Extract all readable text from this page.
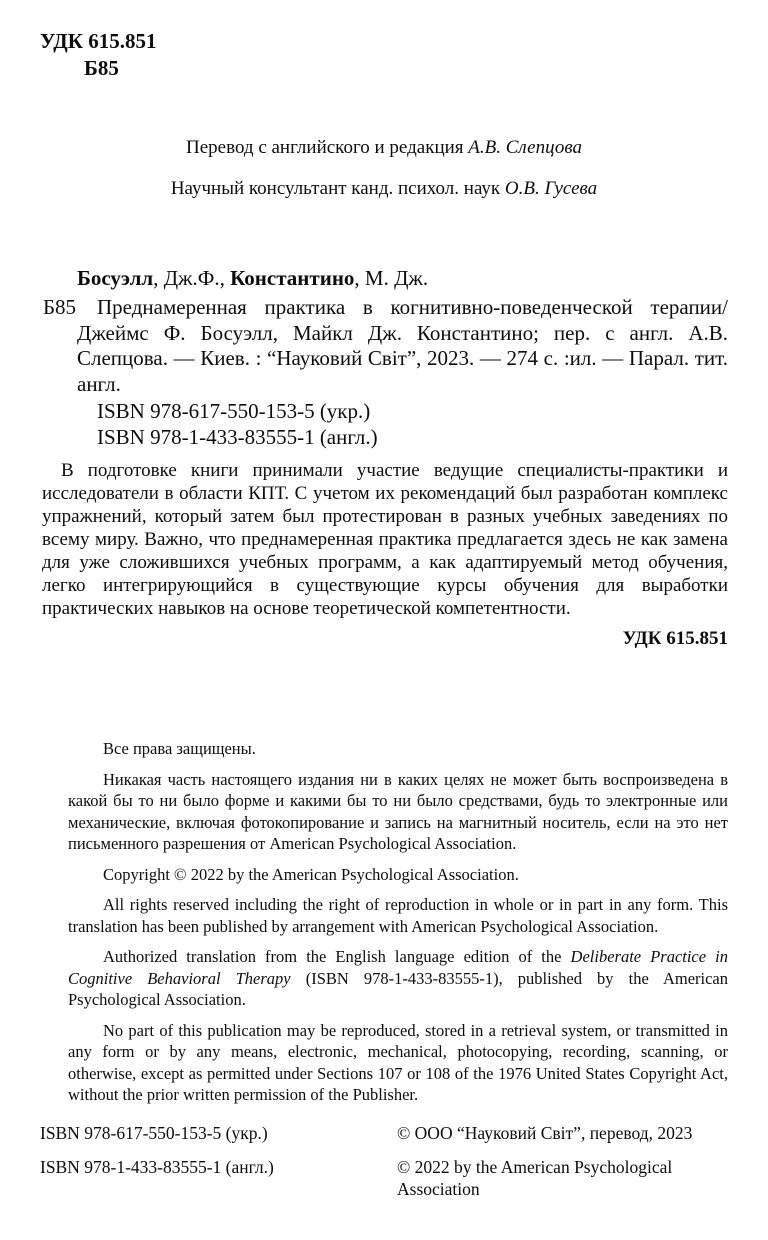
УДК 615.851
Б85

Перевод с английского и редакция А.В. Слепцова

Научный консультант канд. психол. наук О.В. Гусева

Босуэлл, Дж.Ф., Константино, М. Дж.
Б85 Преднамеренная практика в когнитивно-поведенческой терапии/Джеймс Ф. Босуэлл, Майкл Дж. Константино; пер. с англ. А.В. Слепцова. — Киев. : “Науковий Світ”, 2023. — 274 с. :ил. — Парал. тит. англ.

ISBN 978-617-550-153-5 (укр.)
ISBN 978-1-433-83555-1 (англ.)

В подготовке книги принимали участие ведущие специалисты-практики и исследователи в области КПТ. С учетом их рекомендаций был разработан комплекс упражнений, который затем был протестирован в разных учебных заведениях по всему миру. Важно, что преднамеренная практика предлагается здесь не как замена для уже сложившихся учебных программ, а как адаптируемый метод обучения, легко интегрирующийся в существующие курсы обучения для выработки практических навыков на основе теоретической компетентности.

УДК 615.851

Все права защищены.

Никакая часть настоящего издания ни в каких целях не может быть воспроизведена в какой бы то ни было форме и какими бы то ни было средствами, будь то электронные или механические, включая фотокопирование и запись на магнитный носитель, если на это нет письменного разрешения от American Psychological Association.

Copyright © 2022 by the American Psychological Association.

All rights reserved including the right of reproduction in whole or in part in any form. This translation has been published by arrangement with American Psychological Association.

Authorized translation from the English language edition of the Deliberate Practice in Cognitive Behavioral Therapy (ISBN 978-1-433-83555-1), published by the American Psychological Association.

No part of this publication may be reproduced, stored in a retrieval system, or transmitted in any form or by any means, electronic, mechanical, photocopying, recording, scanning, or otherwise, except as permitted under Sections 107 or 108 of the 1976 United States Copyright Act, without the prior written permission of the Publisher.

ISBN 978-617-550-153-5 (укр.)	© ООО “Науковий Світ”, перевод, 2023
ISBN 978-1-433-83555-1 (англ.)	© 2022 by the American Psychological Association
